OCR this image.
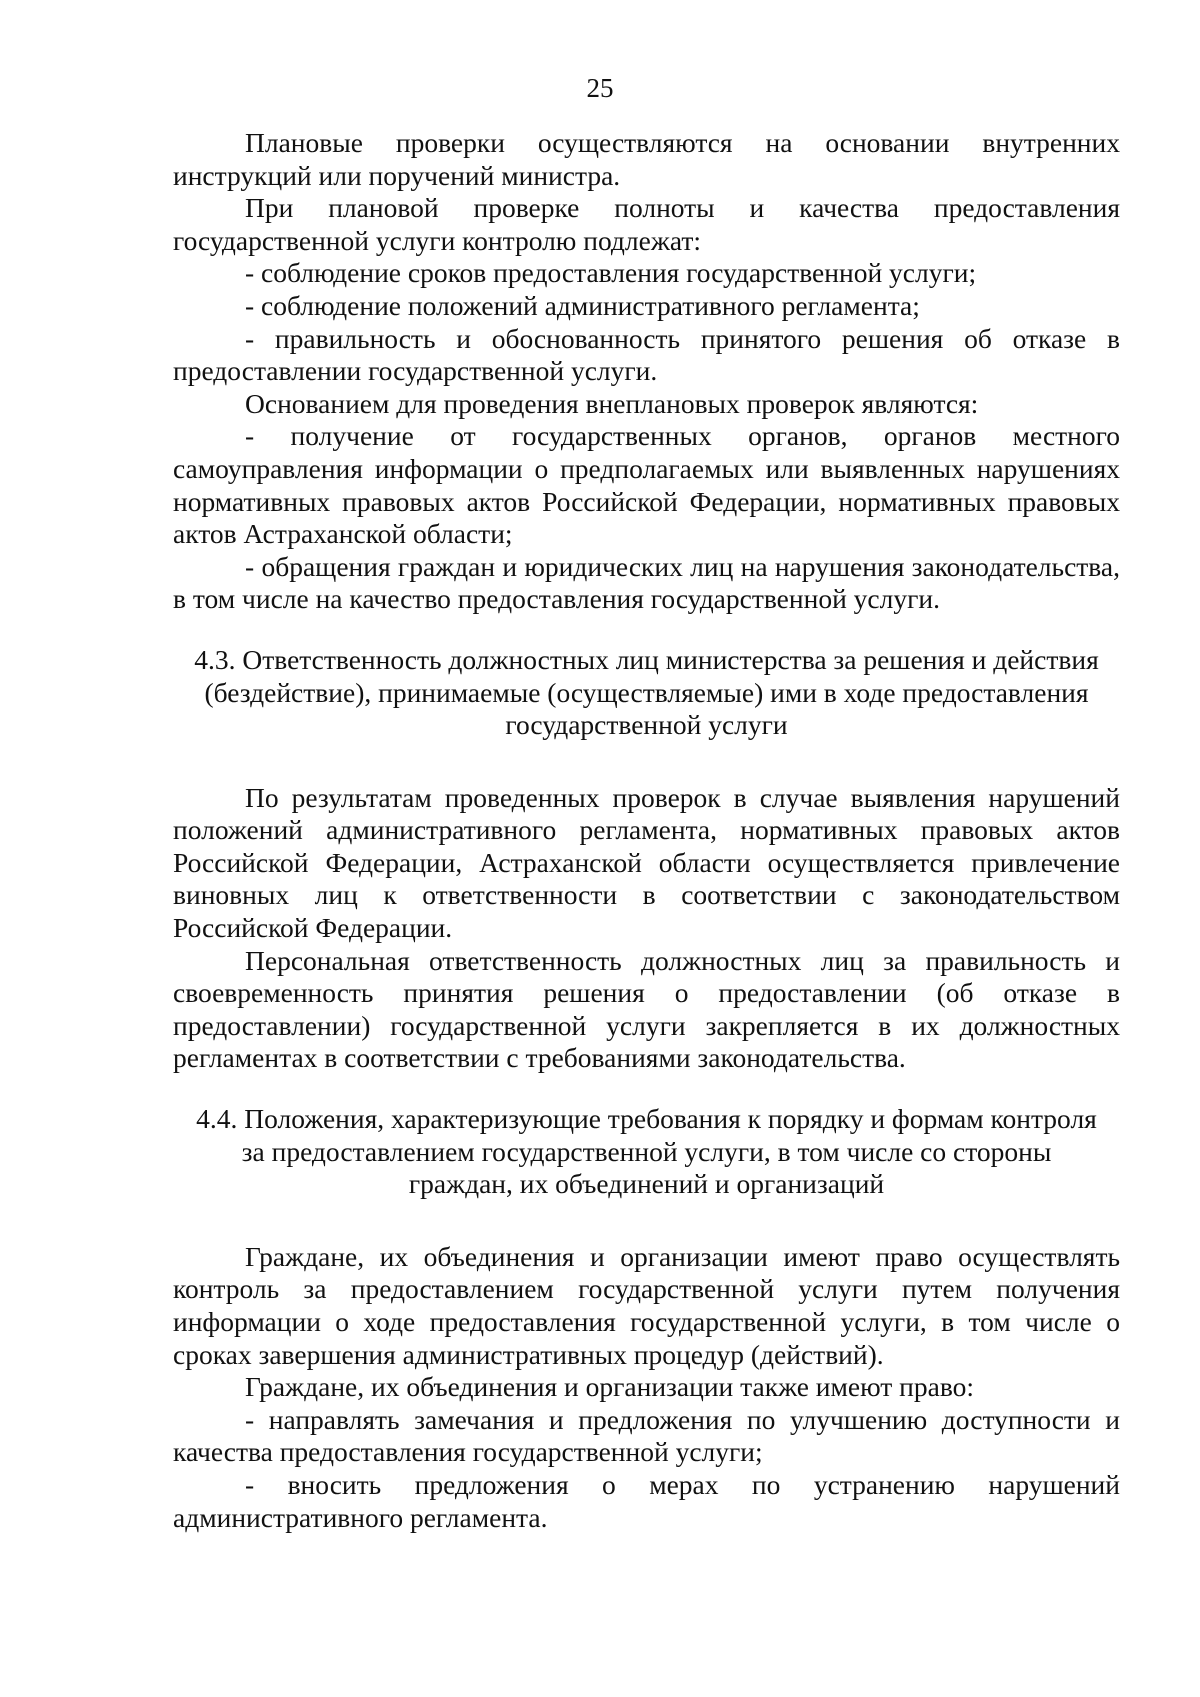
25

Плановые проверки осуществляются на основании внутренних инструкций или поручений министра.

При плановой проверке полноты и качества предоставления государственной услуги контролю подлежат:

- соблюдение сроков предоставления государственной услуги;

- соблюдение положений административного регламента;

- правильность и обоснованность принятого решения об отказе в предоставлении государственной услуги.

Основанием для проведения внеплановых проверок являются:

- получение от государственных органов, органов местного самоуправления информации о предполагаемых или выявленных нарушениях нормативных правовых актов Российской Федерации, нормативных правовых актов Астраханской области;

- обращения граждан и юридических лиц на нарушения законодательства, в том числе на качество предоставления государственной услуги.

4.3. Ответственность должностных лиц министерства за решения и действия
(бездействие), принимаемые (осуществляемые) ими в ходе предоставления
государственной услуги

По результатам проведенных проверок в случае выявления нарушений положений административного регламента, нормативных правовых актов Российской Федерации, Астраханской области осуществляется привлечение виновных лиц к ответственности в соответствии с законодательством Российской Федерации.

Персональная ответственность должностных лиц за правильность и своевременность принятия решения о предоставлении (об отказе в предоставлении) государственной услуги закрепляется в их должностных регламентах в соответствии с требованиями законодательства.

4.4. Положения, характеризующие требования к порядку и формам контроля
за предоставлением государственной услуги, в том числе со стороны
граждан, их объединений и организаций

Граждане, их объединения и организации имеют право осуществлять контроль за предоставлением государственной услуги путем получения информации о ходе предоставления государственной услуги, в том числе о сроках завершения административных процедур (действий).

Граждане, их объединения и организации также имеют право:

- направлять замечания и предложения по улучшению доступности и качества предоставления государственной услуги;

- вносить предложения о мерах по устранению нарушений административного регламента.
